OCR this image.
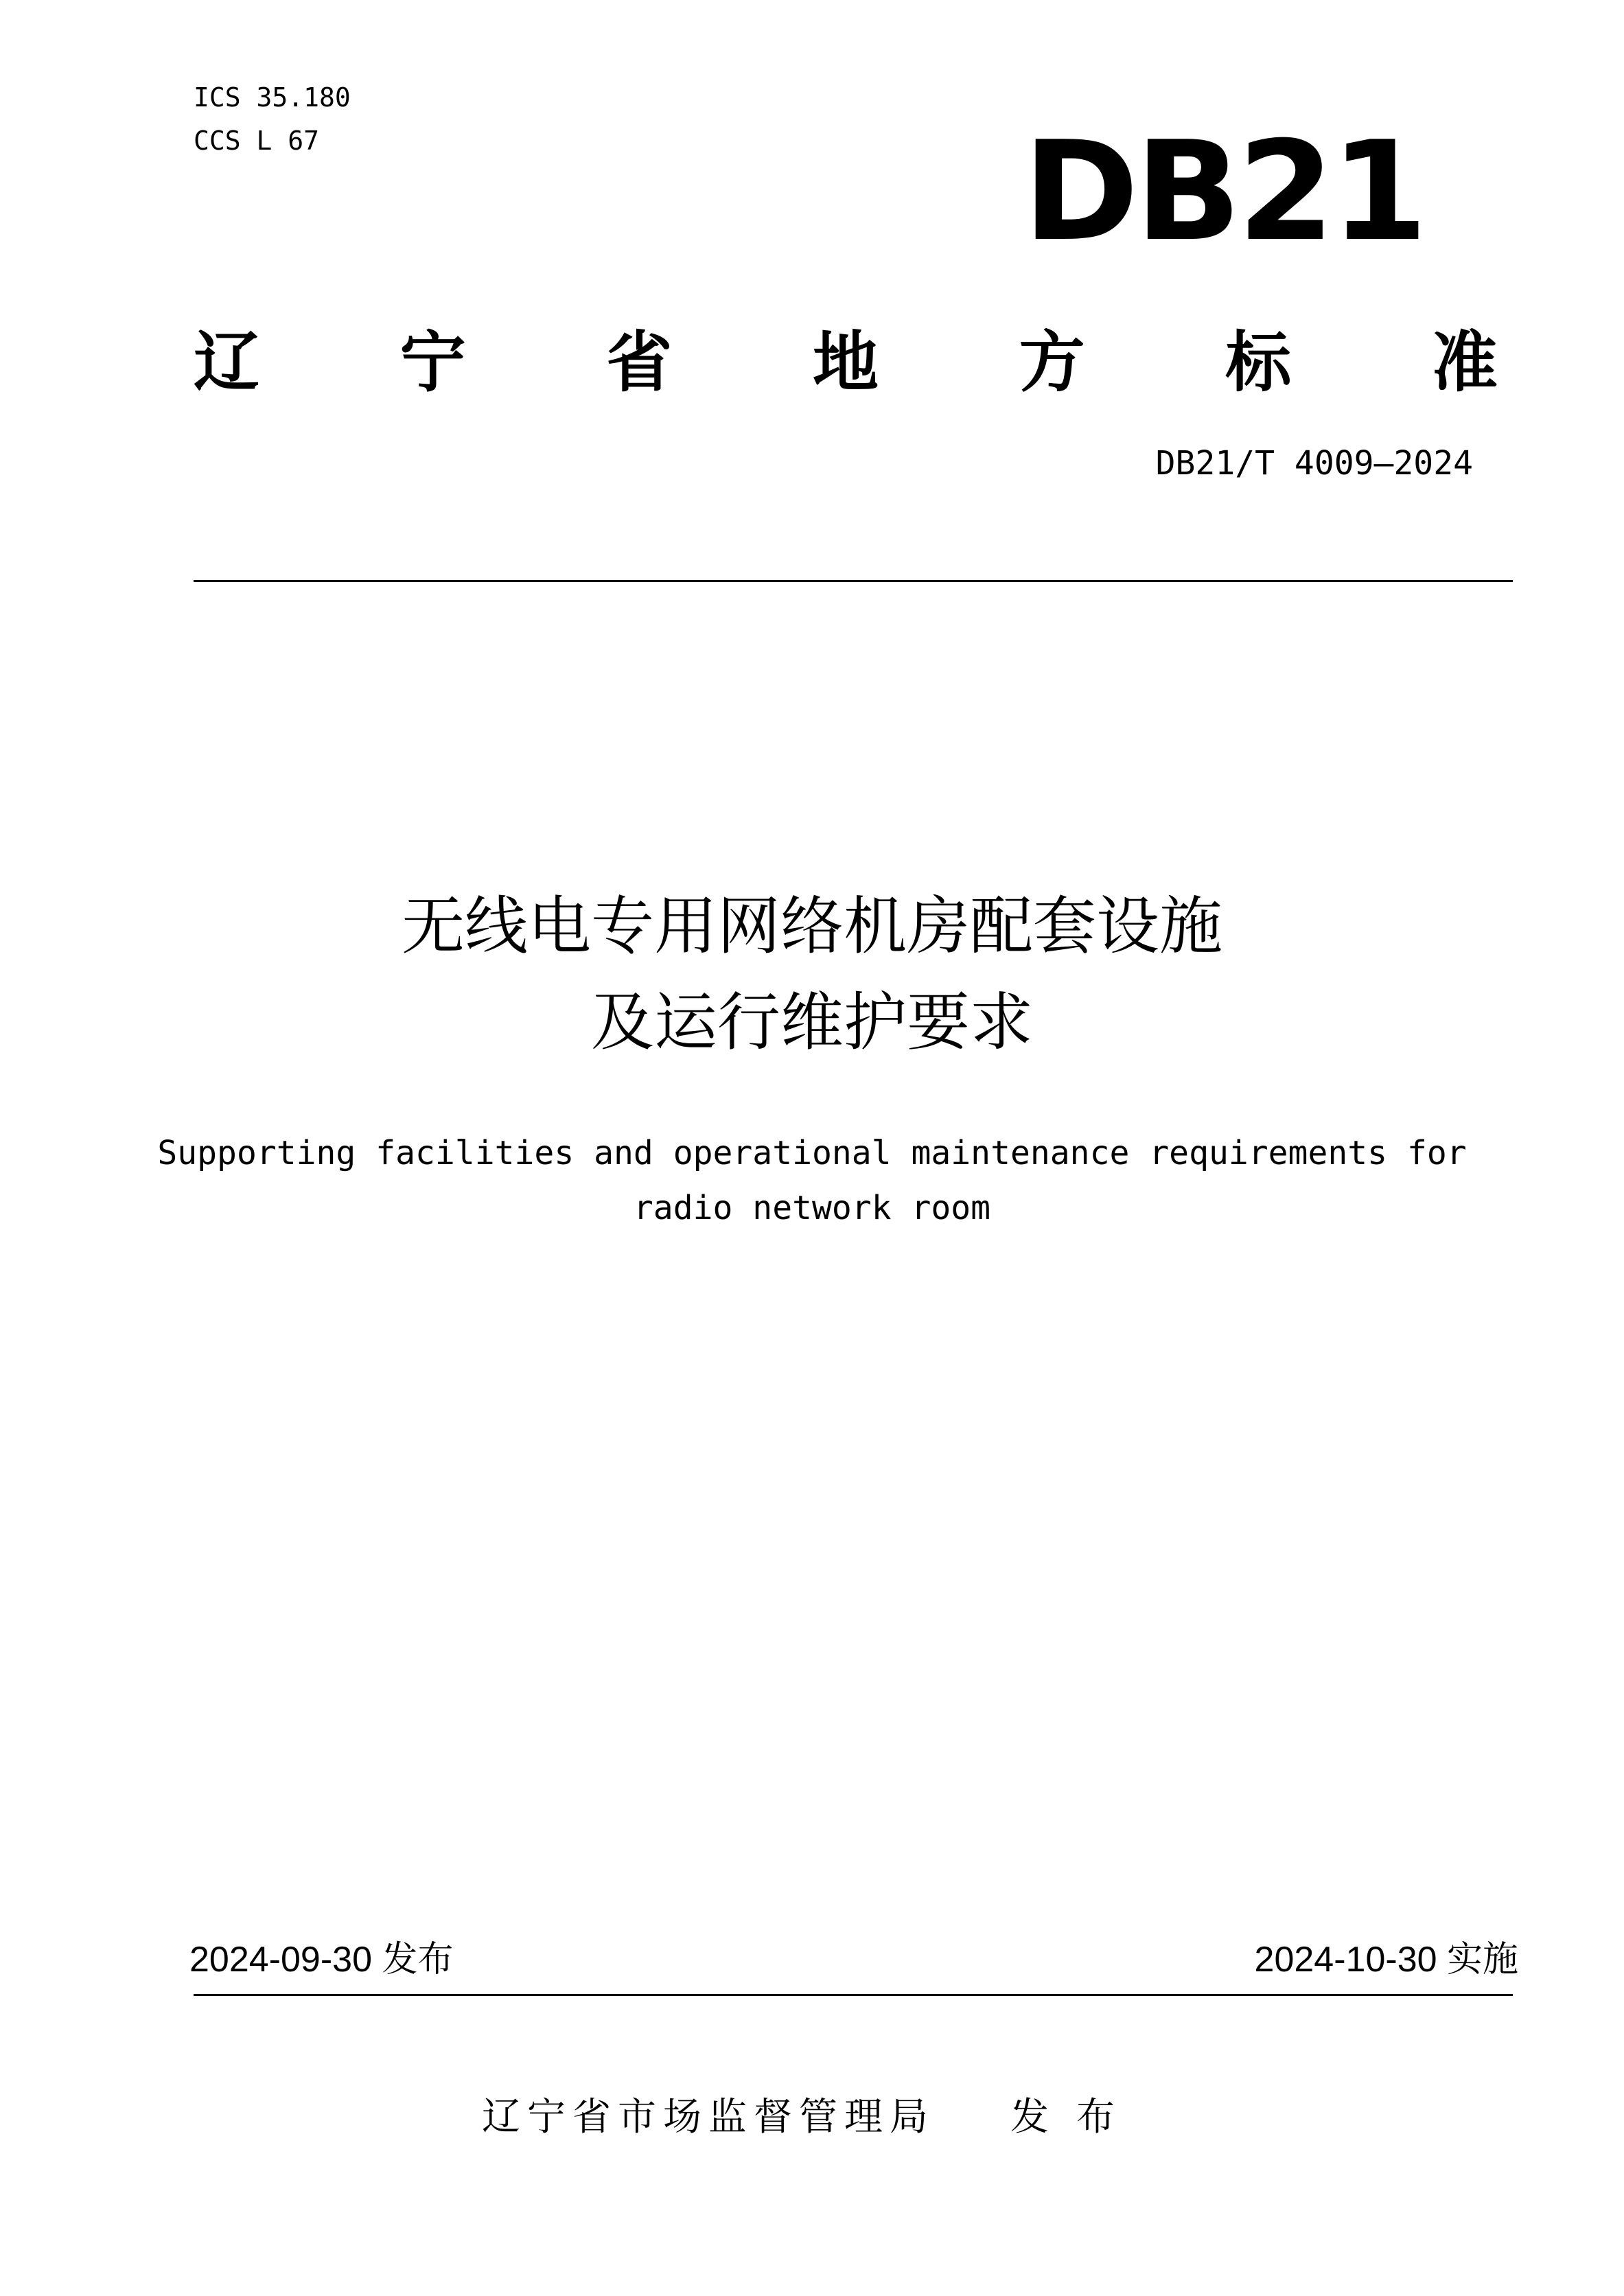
ICS 35.180
CCS L 67	DB21
辽 宁 省 地 方 标 准
DB21/T 4009—2024
无线电专用网络机房配套设施
及运行维护要求
Supporting facilities and operational maintenance requirements for
radio network room
2024-09-30 发布	2024-10-30 实施
辽宁省市场监督管理局 发布
